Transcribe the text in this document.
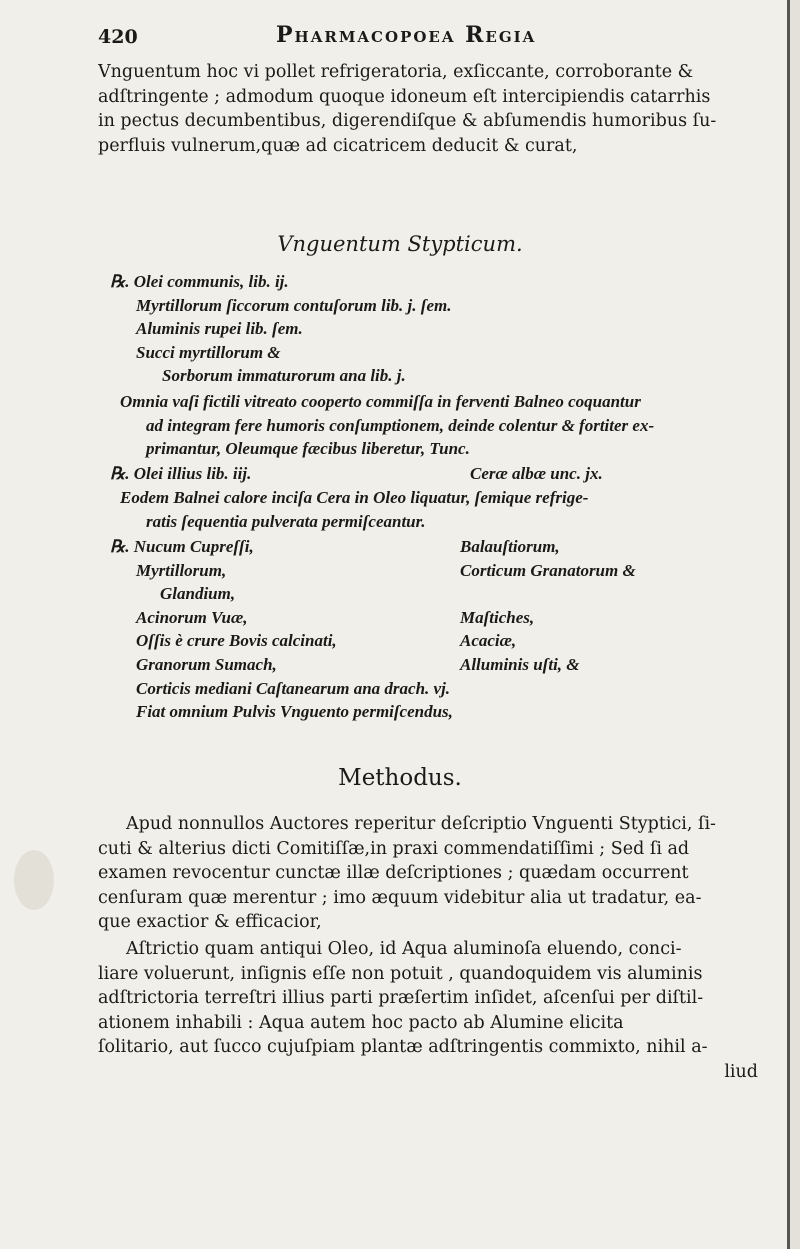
420	Pharmacopoea Regia
Vnguentum hoc vi pollet refrigeratoria, exſiccante, corroborante &
adſtringente ; admodum quoque idoneum eſt intercipiendis catarrhis
in pectus decumbentibus, digerendiſque & abſumendis humoribus ſu-
perfluis vulnerum,quæ ad cicatricem deducit & curat,
Vnguentum Stypticum.
℞. Olei communis, lib. ij.
Myrtillorum ſiccorum contuſorum lib. j. ſem.
Aluminis rupei lib. ſem.
Succi myrtillorum &
Sorborum immaturorum ana lib. j.
Omnia vaſi fictili vitreato cooperto commiſſa in ferventi Balneo coquantur
ad integram fere humoris conſumptionem, deinde colentur & fortiter ex-
primantur, Oleumque fæcibus liberetur, Tunc.
℞. Olei illius lib. iij.	Ceræ albæ unc. jx.
Eodem Balnei calore inciſa Cera in Oleo liquatur, ſemique refrige-
ratis ſequentia pulverata permiſceantur.
℞. Nucum Cupreſſi,	Balauſtiorum,
Myrtillorum,	Corticum Granatorum &
Glandium,
Acinorum Vuæ,	Maſtiches,
Oſſis è crure Bovis calcinati,	Acaciæ,
Granorum Sumach,	Alluminis uſti, &
Corticis mediani Caſtanearum ana drach. vj.
Fiat omnium Pulvis Vnguento permiſcendus,
Methodus.
Apud nonnullos Auctores reperitur deſcriptio Vnguenti Styptici, ſi-
cuti & alterius dicti Comitiſſæ,in praxi commendatiſſimi ; Sed ſi ad
examen revocentur cunctæ illæ deſcriptiones ; quædam occurrent
cenſuram quæ merentur ; imo æquum videbitur alia ut tradatur, ea-
que exactior & efficacior,
Aſtrictio quam antiqui Oleo, id Aqua aluminoſa eluendo, conci-
liare voluerunt, inſignis eſſe non potuit , quandoquidem vis aluminis
adſtrictoria terreſtri illius parti præſertim inſidet, aſcenſui per diſtil-
ationem inhabili : Aqua autem hoc pacto ab Alumine elicita
ſolitario, aut ſucco cujuſpiam plantæ adſtringentis commixto, nihil a-
liud
